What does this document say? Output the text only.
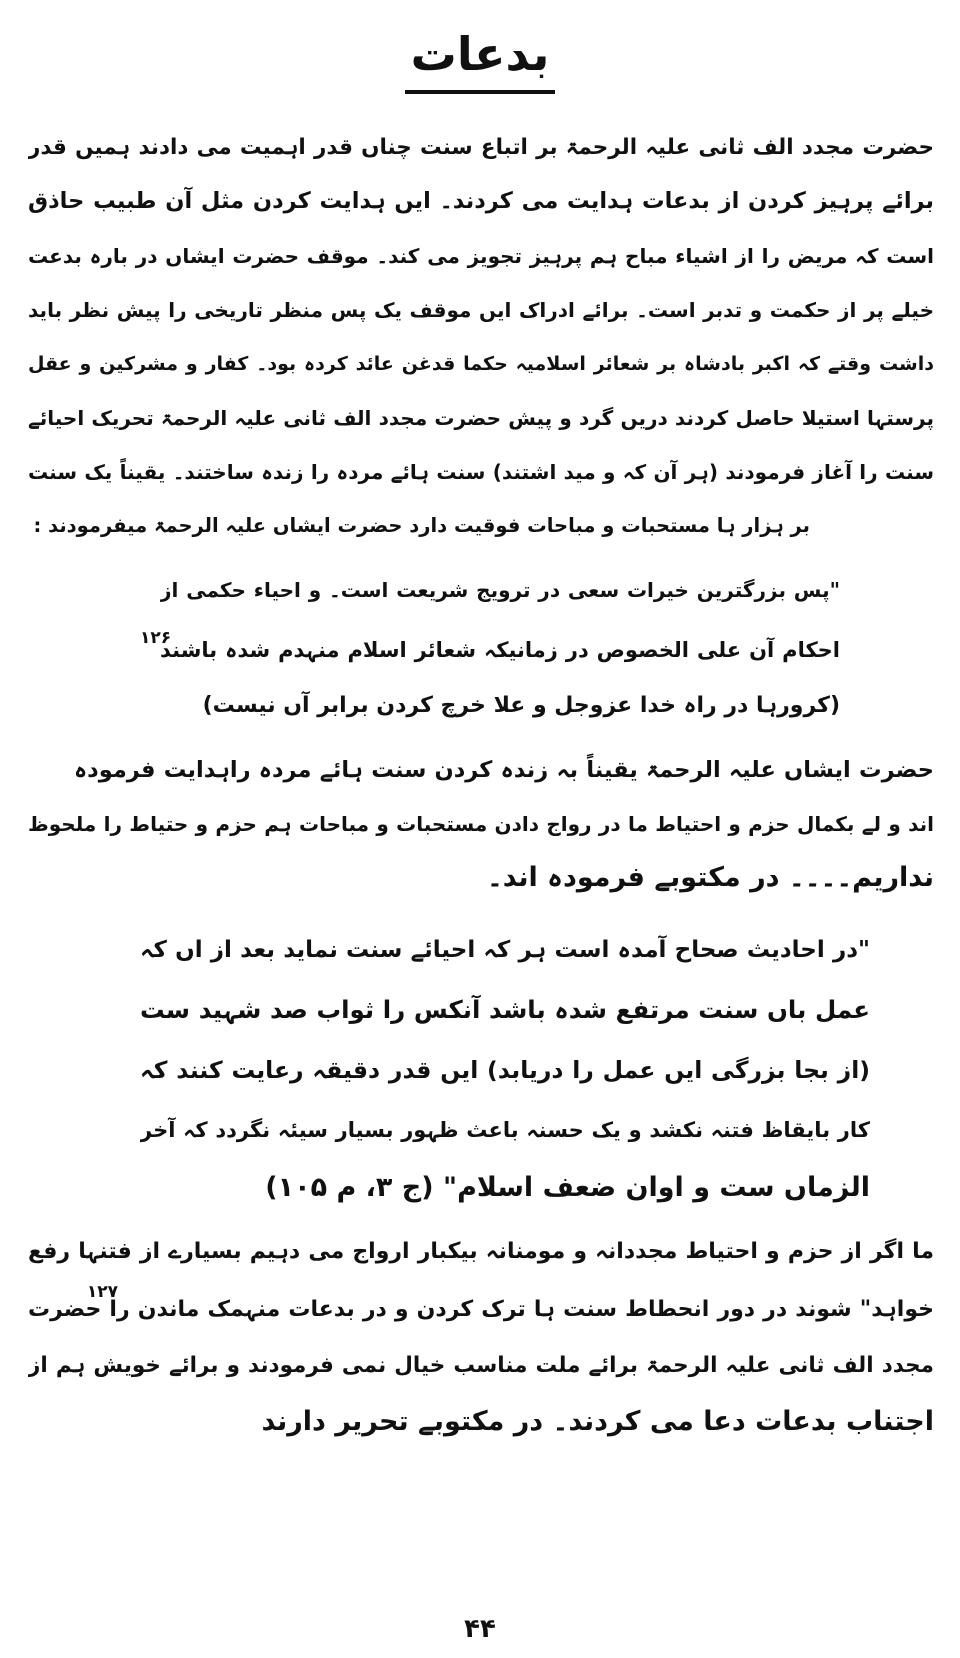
بدعات
حضرت مجدد الف ثانی علیہ الرحمۃ بر اتباع سنت چناں قدر اہمیت می دادند ہمیں قدر
برائے پرہیز کردن از بدعات ہدایت می کردند۔ ایں ہدایت کردن مثل آن طبیب حاذق
است کہ مریض را از اشیاء مباح ہم پرہیز تجویز می کند۔ موقف حضرت ایشاں در بارہ بدعت
خیلے پر از حکمت و تدبر است۔ برائے ادراک ایں موقف یک پس منظر تاریخی را پیش نظر باید
داشت وقتے کہ اکبر بادشاہ بر شعائر اسلامیہ حکما قدغن عائد کردہ بود۔ کفار و مشرکین و عقل
پرستہا استیلا حاصل کردند دریں گرد و پیش حضرت مجدد الف ثانی علیہ الرحمۃ تحریک احیائے
سنت را آغاز فرمودند (ہر آن کہ و مید اشتند) سنت ہائے مردہ را زندہ ساختند۔ یقیناً یک سنت
بر ہزار ہا مستحبات و مباحات فوقیت دارد حضرت ایشاں علیہ الرحمۃ میفرمودند :
"پس بزرگترین خیرات سعی در ترویج شریعت است۔ و احیاء حکمی از
۱۲۶
احکام آن علی الخصوص در زمانیکہ شعائر اسلام منہدم شدہ باشند
(کرورہا در راہ خدا عزوجل و علا خرچ کردن برابر آں نیست)
حضرت ایشاں علیہ الرحمۃ یقیناً بہ زندہ کردن سنت ہائے مردہ راہدایت فرمودہ
اند و لے بکمال حزم و احتیاط ما در رواج دادن مستحبات و مباحات ہم حزم و حتیاط را ملحوظ
نداریم۔۔۔۔ در مکتوبے فرمودہ اند۔
"در احادیث صحاح آمدہ است ہر کہ احیائے سنت نماید بعد از اں کہ
عمل باں سنت مرتفع شدہ باشد آنکس را ثواب صد شہید ست
(از بجا بزرگی ایں عمل را دریابد) ایں قدر دقیقہ رعایت کنند کہ
کار بایقاظ فتنہ نکشد و یک حسنہ باعث ظہور بسیار سیئہ نگردد کہ آخر
الزماں ست و اوان ضعف اسلام" (ج ۳، م ۱۰۵)
ما اگر از حزم و احتیاط مجددانہ و مومنانہ بیکبار ارواج می دہیم بسیارے از فتنہا رفع
۱۲۷
خواہد" شوند در دور انحطاط سنت ہا ترک کردن و در بدعات منہمک ماندن را حضرت
مجدد الف ثانی علیہ الرحمۃ برائے ملت مناسب خیال نمی فرمودند و برائے خویش ہم از
اجتناب بدعات دعا می کردند۔ در مکتوبے تحریر دارند
۴۴
